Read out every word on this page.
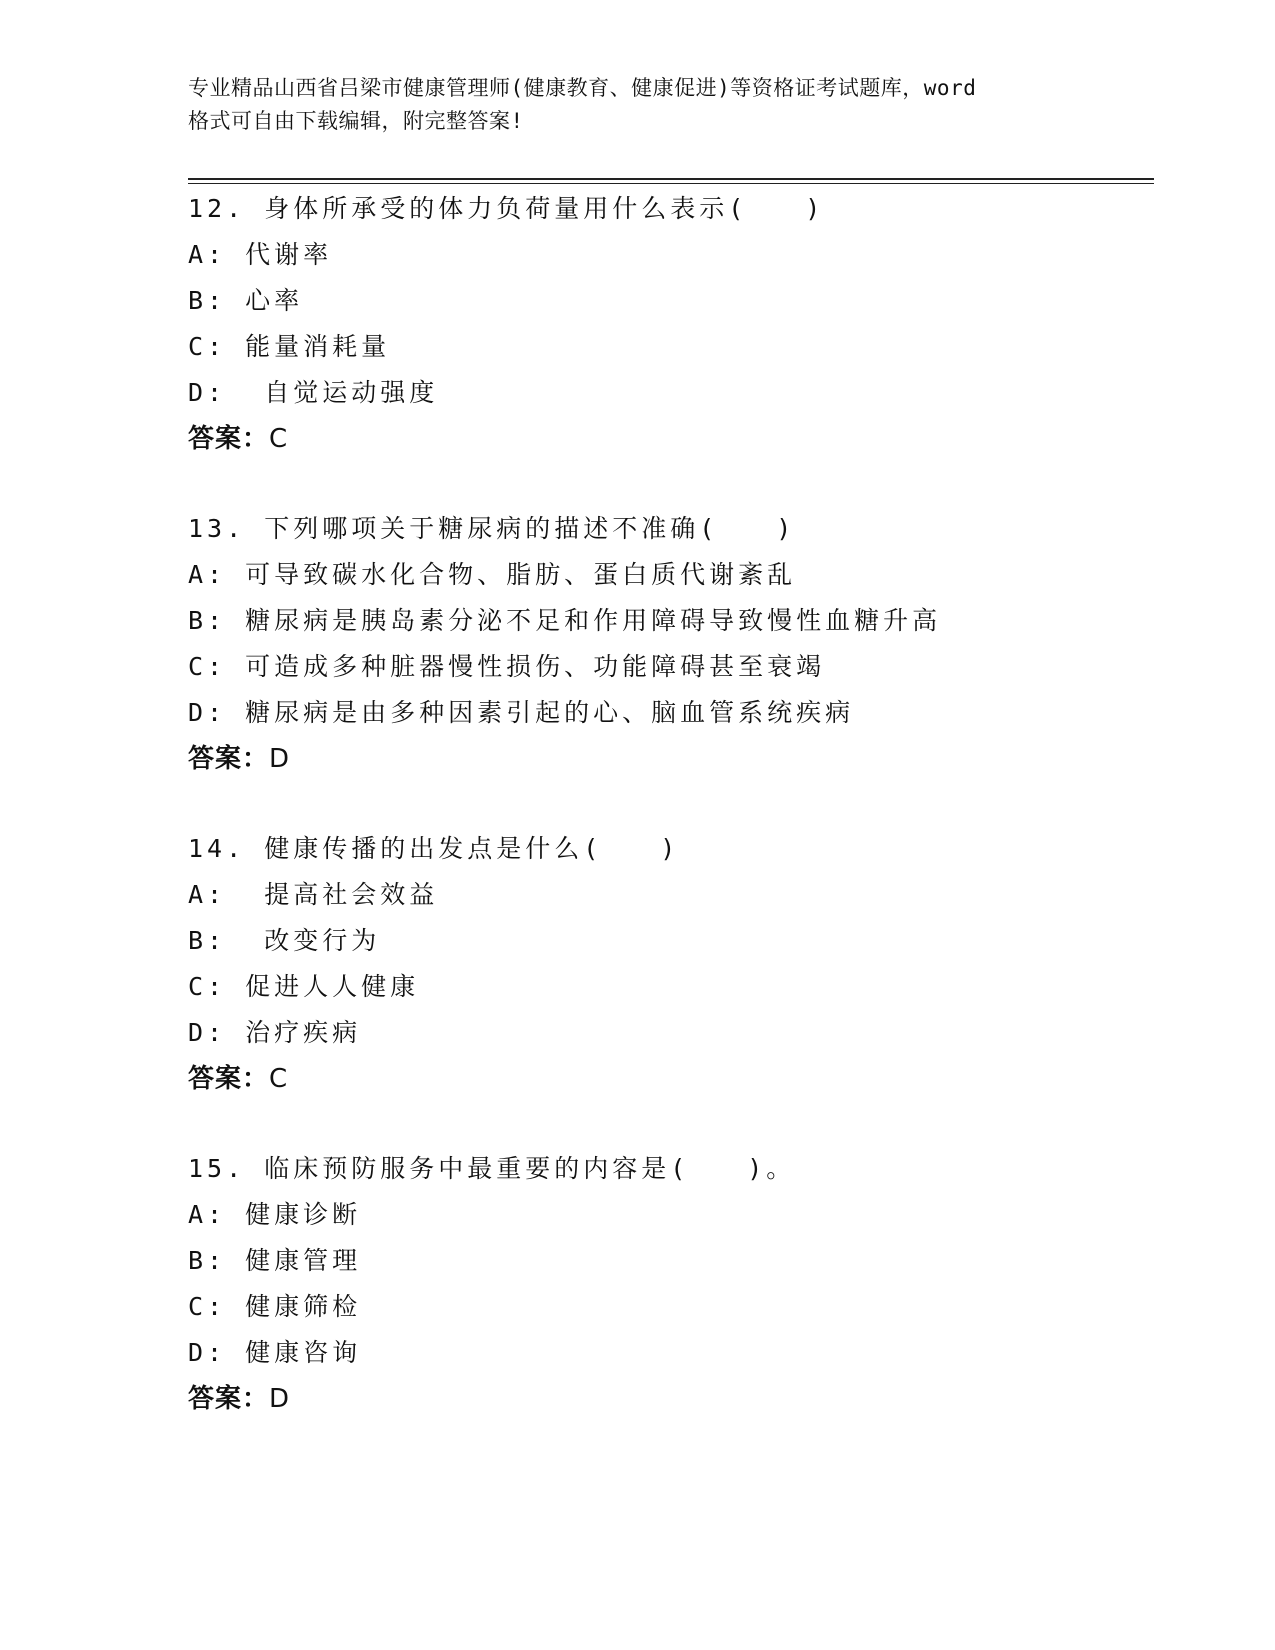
专业精品山西省吕梁市健康管理师(健康教育、健康促进)等资格证考试题库，word
格式可自由下载编辑，附完整答案!
12. 身体所承受的体力负荷量用什么表示(　　)
A: 代谢率
B: 心率
C: 能量消耗量
D:  自觉运动强度
答案：C
13. 下列哪项关于糖尿病的描述不准确(　　)
A: 可导致碳水化合物、脂肪、蛋白质代谢紊乱
B: 糖尿病是胰岛素分泌不足和作用障碍导致慢性血糖升高
C: 可造成多种脏器慢性损伤、功能障碍甚至衰竭
D: 糖尿病是由多种因素引起的心、脑血管系统疾病
答案：D
14. 健康传播的出发点是什么(　　)
A:  提高社会效益
B:  改变行为
C: 促进人人健康
D: 治疗疾病
答案：C
15. 临床预防服务中最重要的内容是(　　)。
A: 健康诊断
B: 健康管理
C: 健康筛检
D: 健康咨询
答案：D
